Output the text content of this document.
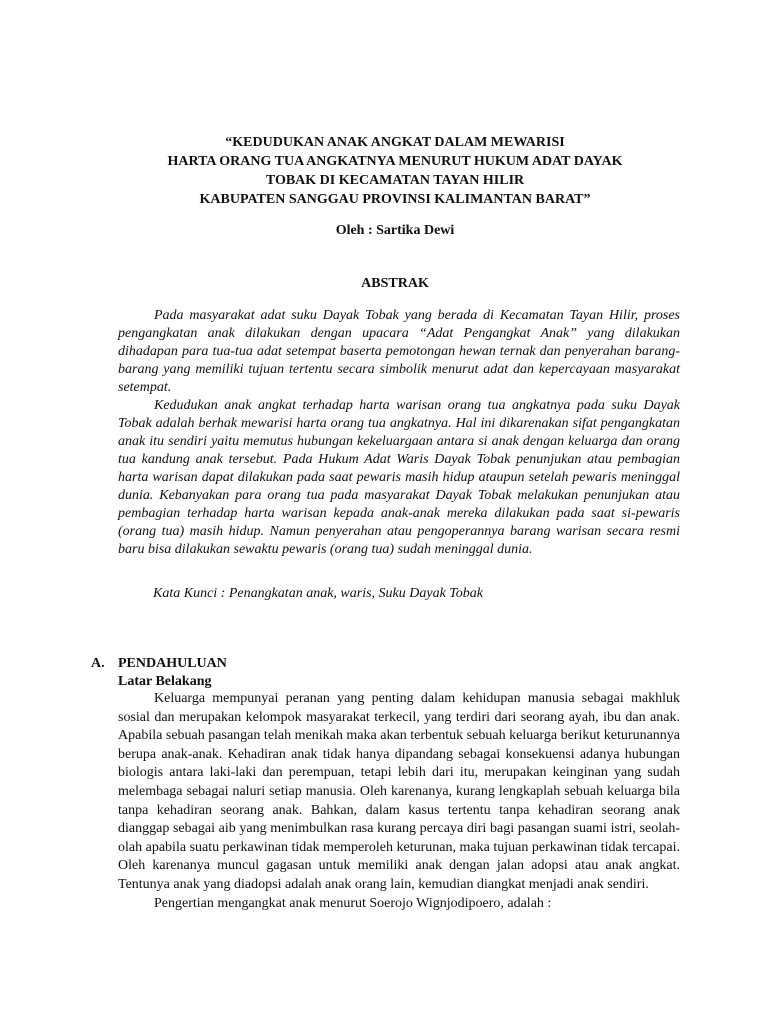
“KEDUDUKAN ANAK ANGKAT DALAM MEWARISI
HARTA ORANG TUA ANGKATNYA MENURUT HUKUM ADAT DAYAK
TOBAK DI KECAMATAN TAYAN HILIR
KABUPATEN SANGGAU PROVINSI KALIMANTAN BARAT”
Oleh : Sartika Dewi
ABSTRAK

Pada masyarakat adat suku Dayak Tobak yang berada di Kecamatan Tayan Hilir, proses pengangkatan anak dilakukan dengan upacara “Adat Pengangkat Anak” yang dilakukan dihadapan para tua-tua adat setempat baserta pemotongan hewan ternak dan penyerahan barang-barang yang memiliki tujuan tertentu secara simbolik menurut adat dan kepercayaan masyarakat setempat.

Kedudukan anak angkat terhadap harta warisan orang tua angkatnya pada suku Dayak Tobak adalah berhak mewarisi harta orang tua angkatnya. Hal ini dikarenakan sifat pengangkatan anak itu sendiri yaitu memutus hubungan kekeluargaan antara si anak dengan keluarga dan orang tua kandung anak tersebut. Pada Hukum Adat Waris Dayak Tobak penunjukan atau pembagian harta warisan dapat dilakukan pada saat pewaris masih hidup ataupun setelah pewaris meninggal dunia. Kebanyakan para orang tua pada masyarakat Dayak Tobak melakukan penunjukan atau pembagian terhadap harta warisan kepada anak-anak mereka dilakukan pada saat si-pewaris (orang tua) masih hidup. Namun penyerahan atau pengoperannya barang warisan secara resmi baru bisa dilakukan sewaktu pewaris (orang tua) sudah meninggal dunia.

Kata Kunci : Penangkatan anak, waris, Suku Dayak Tobak
A. PENDAHULUAN
Latar Belakang

Keluarga mempunyai peranan yang penting dalam kehidupan manusia sebagai makhluk sosial dan merupakan kelompok masyarakat terkecil, yang terdiri dari seorang ayah, ibu dan anak. Apabila sebuah pasangan telah menikah maka akan terbentuk sebuah keluarga berikut keturunannya berupa anak-anak. Kehadiran anak tidak hanya dipandang sebagai konsekuensi adanya hubungan biologis antara laki-laki dan perempuan, tetapi lebih dari itu, merupakan keinginan yang sudah melembaga sebagai naluri setiap manusia. Oleh karenanya, kurang lengkaplah sebuah keluarga bila tanpa kehadiran seorang anak. Bahkan, dalam kasus tertentu tanpa kehadiran seorang anak dianggap sebagai aib yang menimbulkan rasa kurang percaya diri bagi pasangan suami istri, seolah-olah apabila suatu perkawinan tidak memperoleh keturunan, maka tujuan perkawinan tidak tercapai. Oleh karenanya muncul gagasan untuk memiliki anak dengan jalan adopsi atau anak angkat. Tentunya anak yang diadopsi adalah anak orang lain, kemudian diangkat menjadi anak sendiri.

Pengertian mengangkat anak menurut Soerojo Wignjodipoero, adalah :
